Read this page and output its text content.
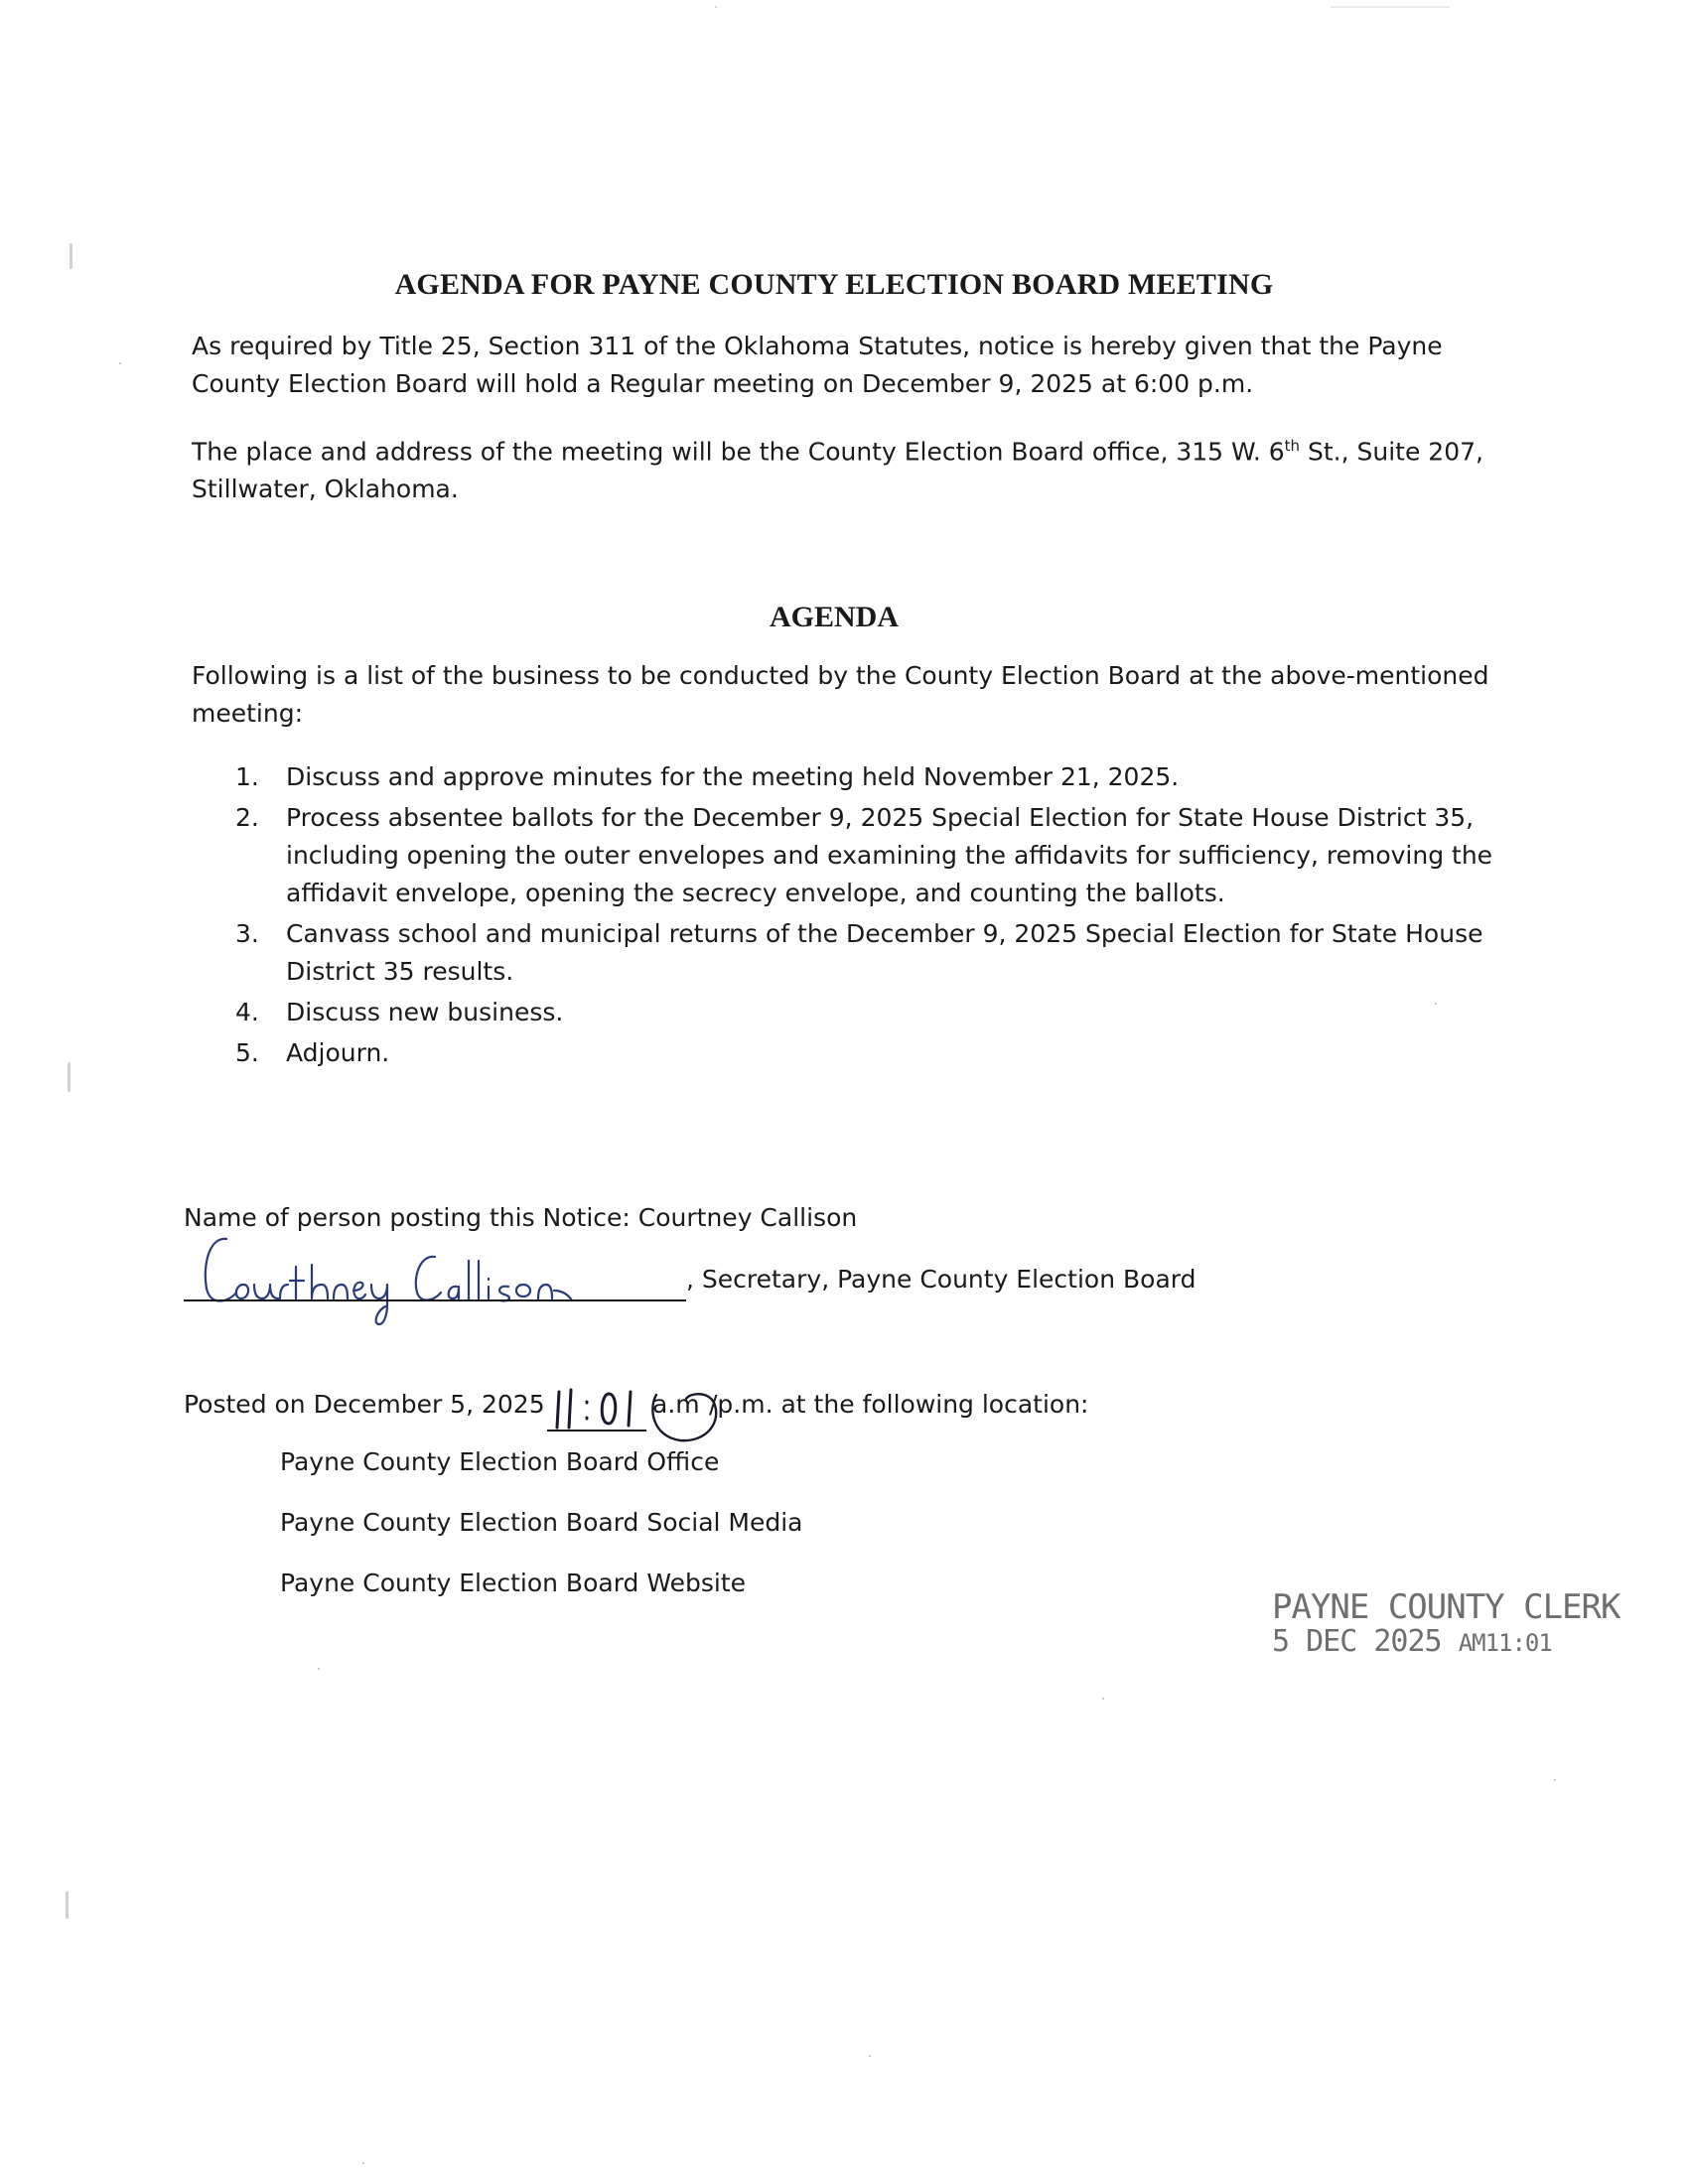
AGENDA FOR PAYNE COUNTY ELECTION BOARD MEETING

As required by Title 25, Section 311 of the Oklahoma Statutes, notice is hereby given that the Payne County Election Board will hold a Regular meeting on December 9, 2025 at 6:00 p.m.

The place and address of the meeting will be the County Election Board office, 315 W. 6th St., Suite 207, Stillwater, Oklahoma.

AGENDA

Following is a list of the business to be conducted by the County Election Board at the above-mentioned meeting:

1. Discuss and approve minutes for the meeting held November 21, 2025.
2. Process absentee ballots for the December 9, 2025 Special Election for State House District 35, including opening the outer envelopes and examining the affidavits for sufficiency, removing the affidavit envelope, opening the secrecy envelope, and counting the ballots.
3. Canvass school and municipal returns of the December 9, 2025 Special Election for State House District 35 results.
4. Discuss new business.
5. Adjourn.
Name of person posting this Notice: Courtney Callison
, Secretary, Payne County Election Board
Posted on December 5, 2025	a.m /p.m. at the following location:
Payne County Election Board Office
Payne County Election Board Social Media
Payne County Election Board Website
PAYNE COUNTY CLERK
5 DEC 2025 AM11:01
